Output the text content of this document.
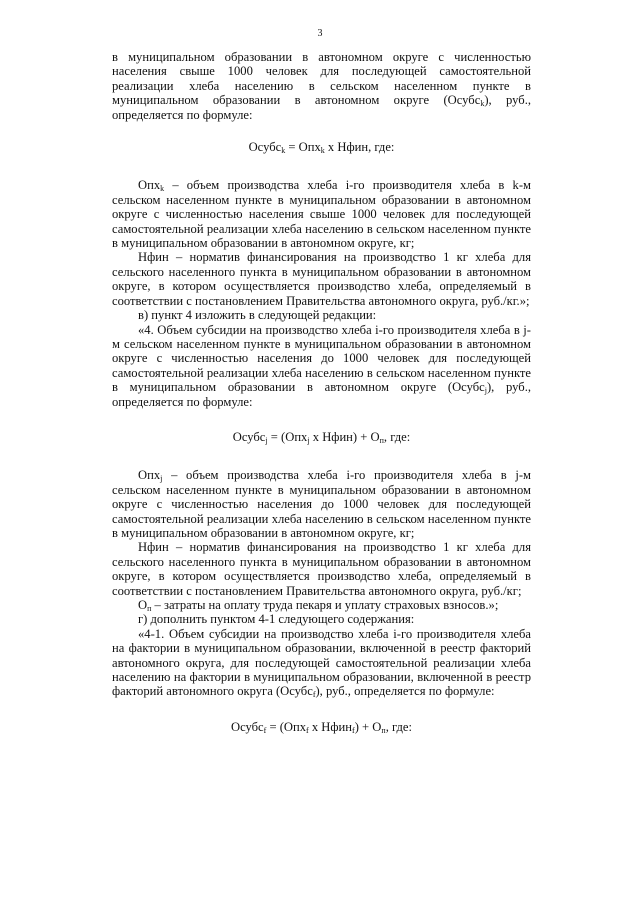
3

в муниципальном образовании в автономном округе с численностью населения свыше 1000 человек для последующей самостоятельной реализации хлеба населению в сельском населенном пункте в муниципальном образовании в автономном округе (Осубс$_k$), руб., определяется по формуле:

Осубс$_k$ = Опх$_k$ х Нфин, где:

Опх$_k$ – объем производства хлеба i-го производителя хлеба в k-м сельском населенном пункте в муниципальном образовании в автономном округе с численностью населения свыше 1000 человек для последующей самостоятельной реализации хлеба населению в сельском населенном пункте в муниципальном образовании в автономном округе, кг;

Нфин – норматив финансирования на производство 1 кг хлеба для сельского населенного пункта в муниципальном образовании в автономном округе, в котором осуществляется производство хлеба, определяемый в соответствии с постановлением Правительства автономного округа, руб./кг.»;

в) пункт 4 изложить в следующей редакции:

«4. Объем субсидии на производство хлеба i-го производителя хлеба в j-м сельском населенном пункте в муниципальном образовании в автономном округе с численностью населения до 1000 человек для последующей самостоятельной реализации хлеба населению в сельском населенном пункте в муниципальном образовании в автономном округе (Осубс$_j$), руб., определяется по формуле:

Осубс$_j$ = (Опх$_j$ х Нфин) + $О_п$, где:

Опх$_j$ – объем производства хлеба i-го производителя хлеба в j-м сельском населенном пункте в муниципальном образовании в автономном округе с численностью населения до 1000 человек для последующей самостоятельной реализации хлеба населению в сельском населенном пункте в муниципальном образовании в автономном округе, кг;

Нфин – норматив финансирования на производство 1 кг хлеба для сельского населенного пункта в муниципальном образовании в автономном округе, в котором осуществляется производство хлеба, определяемый в соответствии с постановлением Правительства автономного округа, руб./кг;

$О_п$ – затраты на оплату труда пекаря и уплату страховых взносов.»;

г) дополнить пунктом 4-1 следующего содержания:

«4-1. Объем субсидии на производство хлеба i-го производителя хлеба на фактории в муниципальном образовании, включенной в реестр факторий автономного округа, для последующей самостоятельной реализации хлеба населению на фактории в муниципальном образовании, включенной в реестр факторий автономного округа (Осубс$_f$), руб., определяется по формуле:

Осубс$_f$ = (Опх$_f$ х Нфин$_f$) + $О_п$, где:
